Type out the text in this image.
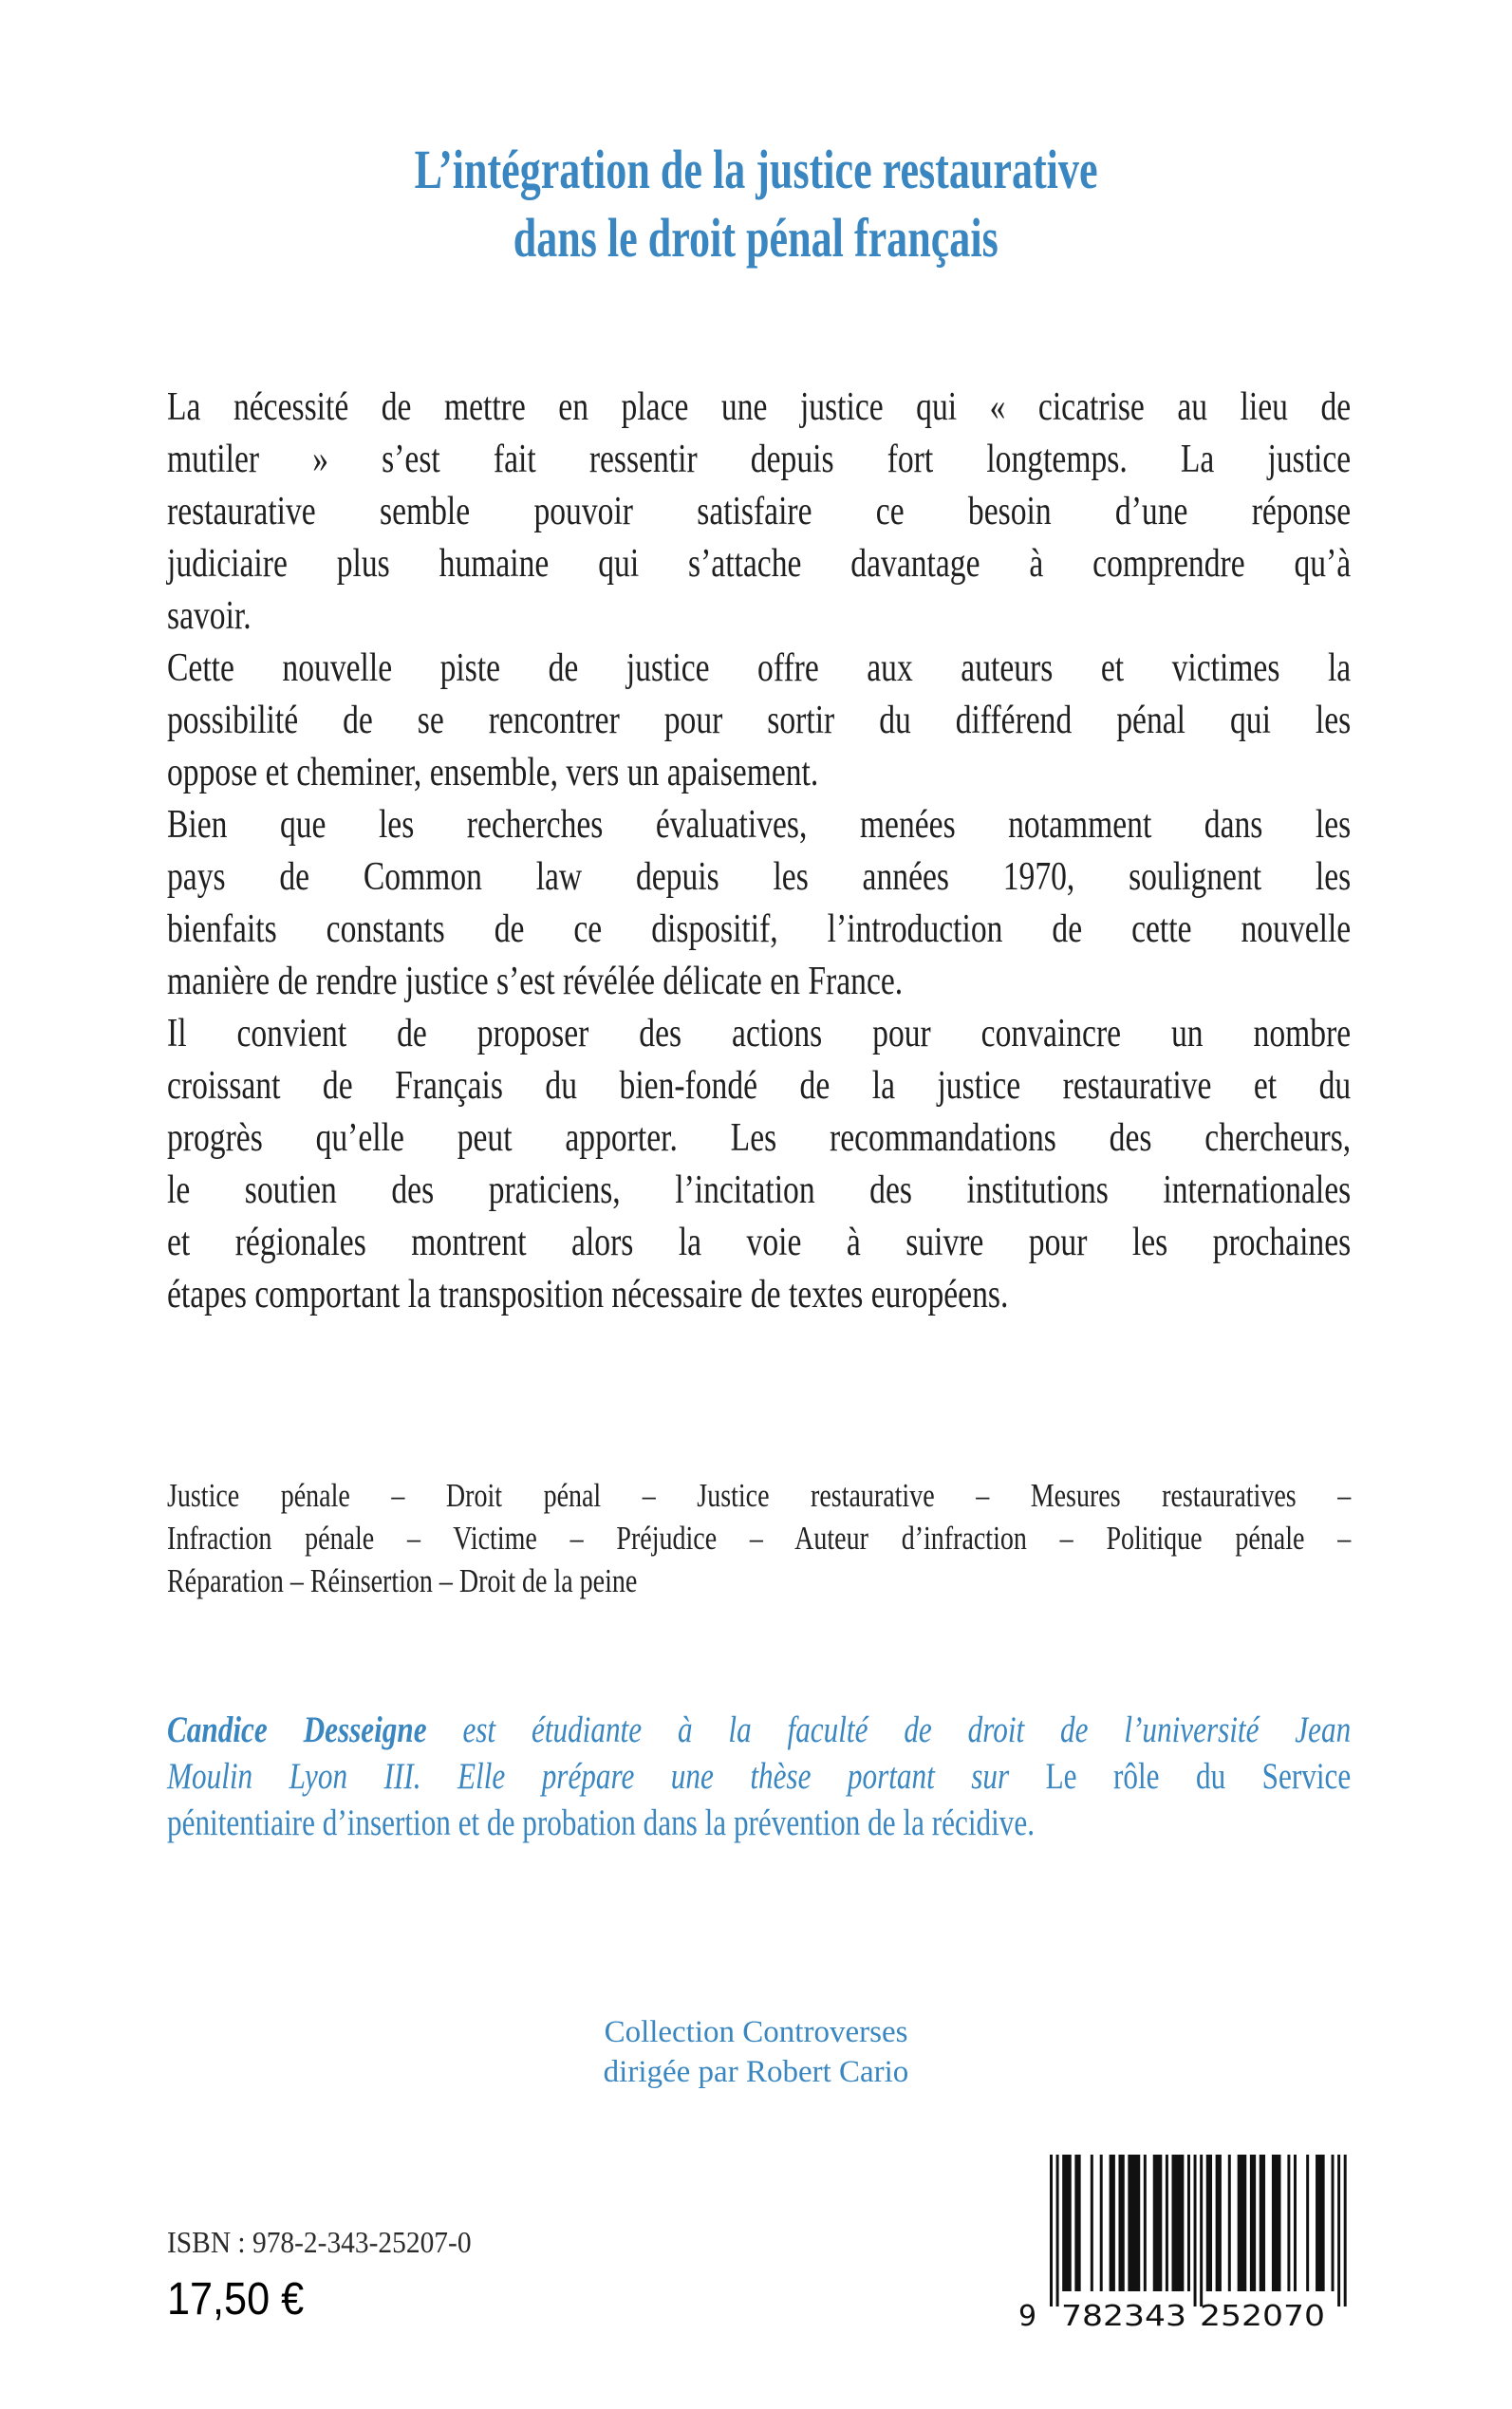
L’intégration de la justice restaurative
dans le droit pénal français
La nécessité de mettre en place une justice qui « cicatrise au lieu de
mutiler » s’est fait ressentir depuis fort longtemps. La justice
restaurative semble pouvoir satisfaire ce besoin d’une réponse
judiciaire plus humaine qui s’attache davantage à comprendre qu’à
savoir.
Cette nouvelle piste de justice offre aux auteurs et victimes la
possibilité de se rencontrer pour sortir du différend pénal qui les
oppose et cheminer, ensemble, vers un apaisement.
Bien que les recherches évaluatives, menées notamment dans les
pays de Common law depuis les années 1970, soulignent les
bienfaits constants de ce dispositif, l’introduction de cette nouvelle
manière de rendre justice s’est révélée délicate en France.
Il convient de proposer des actions pour convaincre un nombre
croissant de Français du bien-fondé de la justice restaurative et du
progrès qu’elle peut apporter. Les recommandations des chercheurs,
le soutien des praticiens, l’incitation des institutions internationales
et régionales montrent alors la voie à suivre pour les prochaines
étapes comportant la transposition nécessaire de textes européens.
Justice pénale – Droit pénal – Justice restaurative – Mesures restauratives –
Infraction pénale – Victime – Préjudice – Auteur d’infraction – Politique pénale –
Réparation – Réinsertion – Droit de la peine
Candice Desseigne est étudiante à la faculté de droit de l’université Jean
Moulin Lyon III. Elle prépare une thèse portant sur Le rôle du Service
pénitentiaire d’insertion et de probation dans la prévention de la récidive.
Collection Controverses
dirigée par Robert Cario
ISBN : 978-2-343-25207-0
17,50 €	9 782343 252070
